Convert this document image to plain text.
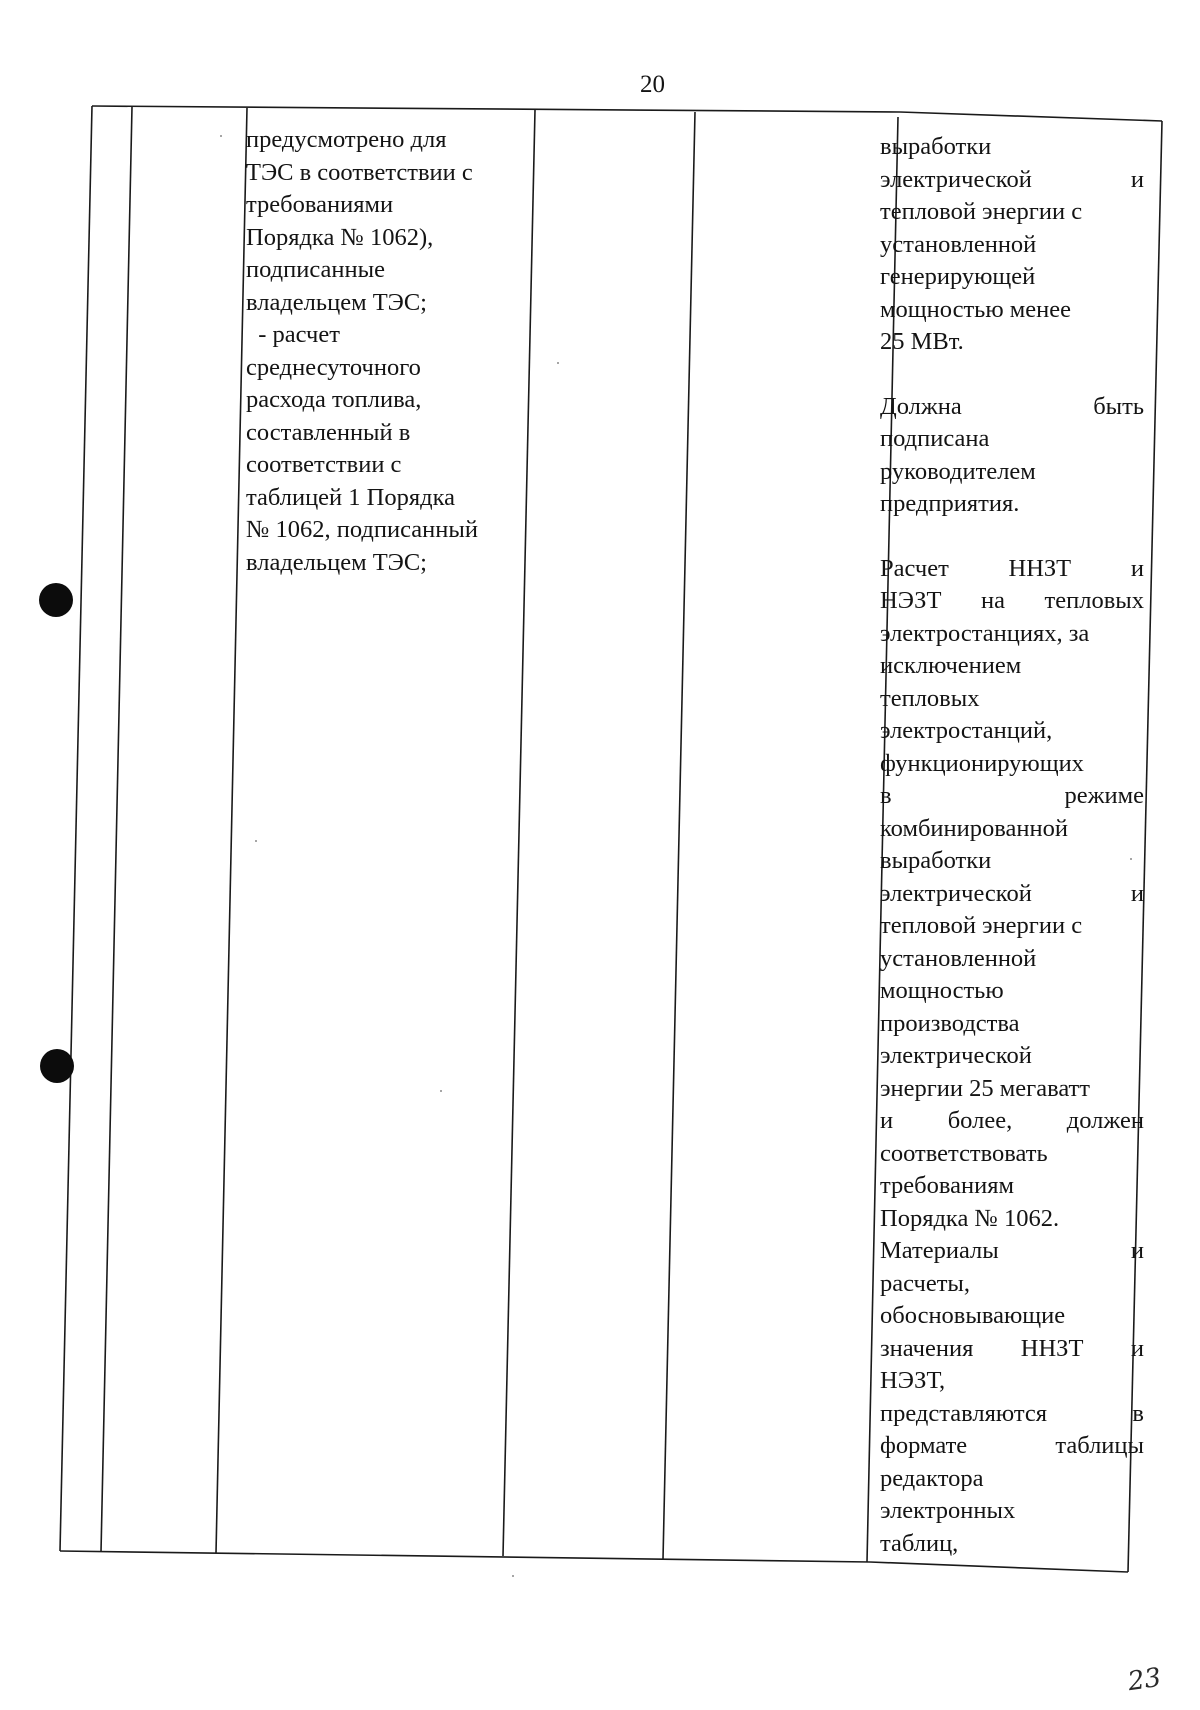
20

предусмотрено для

ТЭС в соответствии с

требованиями

Порядка № 1062),

подписанные

владельцем ТЭС;

- расчет

среднесуточного

расхода топлива,

составленный в

соответствии с

таблицей 1 Порядка

№ 1062, подписанный

владельцем ТЭС;

выработки

электрической	и

тепловой энергии с

установленной

генерирующей

мощностью менее

25 МВт.

Должна	быть

подписана

руководителем

предприятия.

Расчет ННЗТ и

НЭЗТ на тепловых

электростанциях, за

исключением

тепловых

электростанций,

функционирующих

в	режиме

комбинированной

выработки

электрической	и

тепловой энергии с

установленной

мощностью

производства

электрической

энергии 25 мегаватт

и более, должен

соответствовать

требованиям

Порядка № 1062.

Материалы	и

расчеты,

обосновывающие

значения ННЗТ и

НЭЗТ,

представляются	в

формате	таблицы

редактора

электронных

таблиц,

23
